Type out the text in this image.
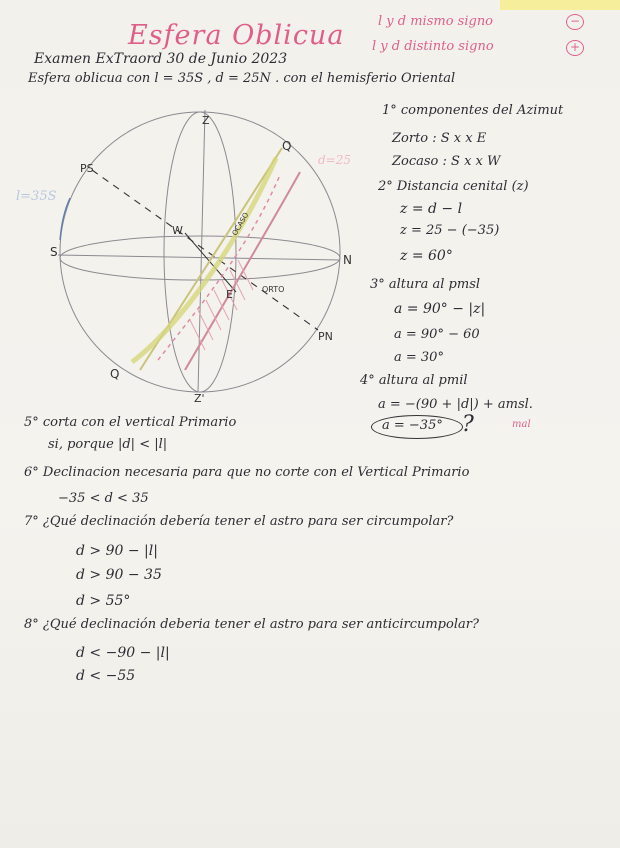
Esfera Oblicua	l y d mismo signo
l y d distinto signo
−
+
Examen ExTraord 30 de Junio 2023
Esfera oblicua con l = 35S , d = 25N . con el hemisferio Oriental
Z
Z'
PS
PN
S
N
E
W
Q
Q
OCASO
ORTO
l=35S
d=25
1° componentes del Azimut
Zorto : S x x E
Zocaso : S x x W
2° Distancia cenital (z)
z = d − l
z = 25 − (−35)
z = 60°
3° altura al pmsl
a = 90° − |z|
a = 90° − 60
a = 30°
4° altura al pmil
a = −(90 + |d|) + amsl.
a = −35° ?	mal
5° corta con el vertical Primario
si, porque |d| < |l|
6° Declinacion necesaria para que no corte con el Vertical Primario
−35 < d < 35
7° ¿Qué declinación debería tener el astro para ser circumpolar?
d > 90 − |l|
d > 90 − 35
d > 55°
8° ¿Qué declinación deberia tener el astro para ser anticircumpolar?
d < −90 − |l|
d < −55
